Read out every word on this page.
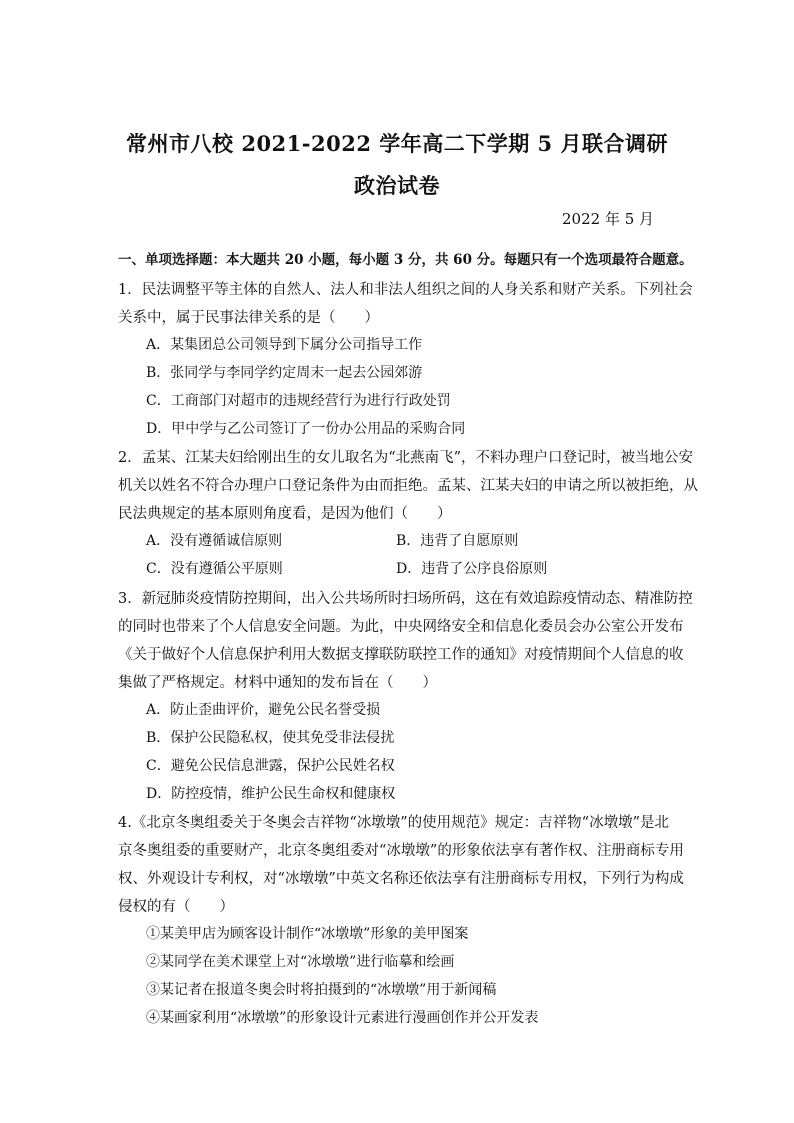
常州市八校 2021-2022 学年高二下学期 5 月联合调研
政治试卷
2022 年 5 月
一、单项选择题：本大题共 20 小题，每小题 3 分，共 60 分。每题只有一个选项最符合题意。
1．民法调整平等主体的自然人、法人和非法人组织之间的人身关系和财产关系。下列社会
关系中，属于民事法律关系的是（　　）
A．某集团总公司领导到下属分公司指导工作
B．张同学与李同学约定周末一起去公园郊游
C．工商部门对超市的违规经营行为进行行政处罚
D．甲中学与乙公司签订了一份办公用品的采购合同
2．孟某、江某夫妇给刚出生的女儿取名为“北燕南飞”，不料办理户口登记时，被当地公安
机关以姓名不符合办理户口登记条件为由而拒绝。孟某、江某夫妇的申请之所以被拒绝，从
民法典规定的基本原则角度看，是因为他们（　　）
A．没有遵循诚信原则	B．违背了自愿原则
C．没有遵循公平原则	D．违背了公序良俗原则
3．新冠肺炎疫情防控期间，出入公共场所时扫场所码，这在有效追踪疫情动态、精准防控
的同时也带来了个人信息安全问题。为此，中央网络安全和信息化委员会办公室公开发布
《关于做好个人信息保护利用大数据支撑联防联控工作的通知》对疫情期间个人信息的收
集做了严格规定。材料中通知的发布旨在（　　）
A．防止歪曲评价，避免公民名誉受损
B．保护公民隐私权，使其免受非法侵扰
C．避免公民信息泄露，保护公民姓名权
D．防控疫情，维护公民生命权和健康权
4.《北京冬奥组委关于冬奥会吉祥物“冰墩墩”的使用规范》规定：吉祥物“冰墩墩”是北
京冬奥组委的重要财产，北京冬奥组委对“冰墩墩”的形象依法享有著作权、注册商标专用
权、外观设计专利权，对“冰墩墩”中英文名称还依法享有注册商标专用权，下列行为构成
侵权的有（　　）
①某美甲店为顾客设计制作“冰墩墩”形象的美甲图案
②某同学在美术课堂上对“冰墩墩”进行临摹和绘画
③某记者在报道冬奥会时将拍摄到的“冰墩墩”用于新闻稿
④某画家利用“冰墩墩”的形象设计元素进行漫画创作并公开发表
